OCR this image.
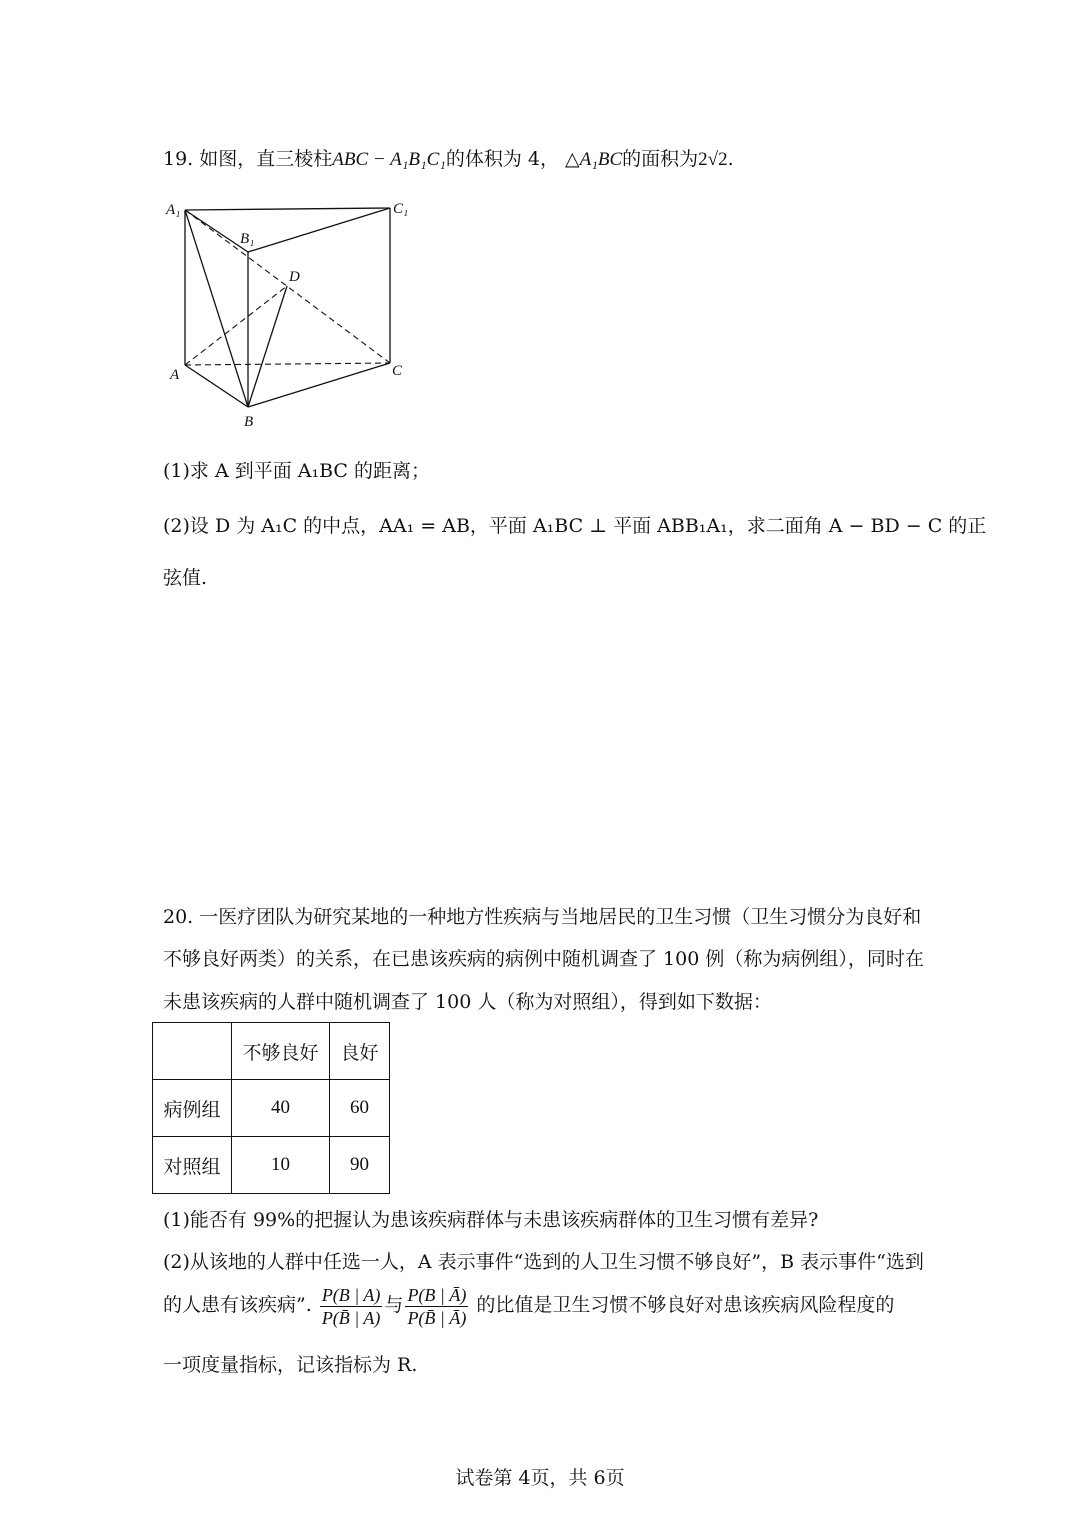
19. 如图，直三棱柱ABC − A₁B₁C₁的体积为 4， △A₁BC的面积为2√2.
A₁	C₁
B₁
D
A	C
B
(1)求 A 到平面 A₁BC 的距离；
(2)设 D 为 A₁C 的中点，AA₁ = AB，平面 A₁BC ⊥ 平面 ABB₁A₁，求二面角 A − BD − C 的正
弦值.
20. 一医疗团队为研究某地的一种地方性疾病与当地居民的卫生习惯（卫生习惯分为良好和
不够良好两类）的关系，在已患该疾病的病例中随机调查了 100 例（称为病例组），同时在
未患该疾病的人群中随机调查了 100 人（称为对照组），得到如下数据：
	不够良好	良好
病例组	40	60
对照组	10	90
(1)能否有 99%的把握认为患该疾病群体与未患该疾病群体的卫生习惯有差异?
(2)从该地的人群中任选一人，A 表示事件“选到的人卫生习惯不够良好”，B 表示事件“选到
的人患有该疾病”. $\frac{P(B | A)}{P(B̄ | A)}$ 与 $\frac{P(B | Ā)}{P(B̄ | Ā)}$ 的比值是卫生习惯不够良好对患该疾病风险程度的
一项度量指标，记该指标为 R.
试卷第 4页，共 6页
